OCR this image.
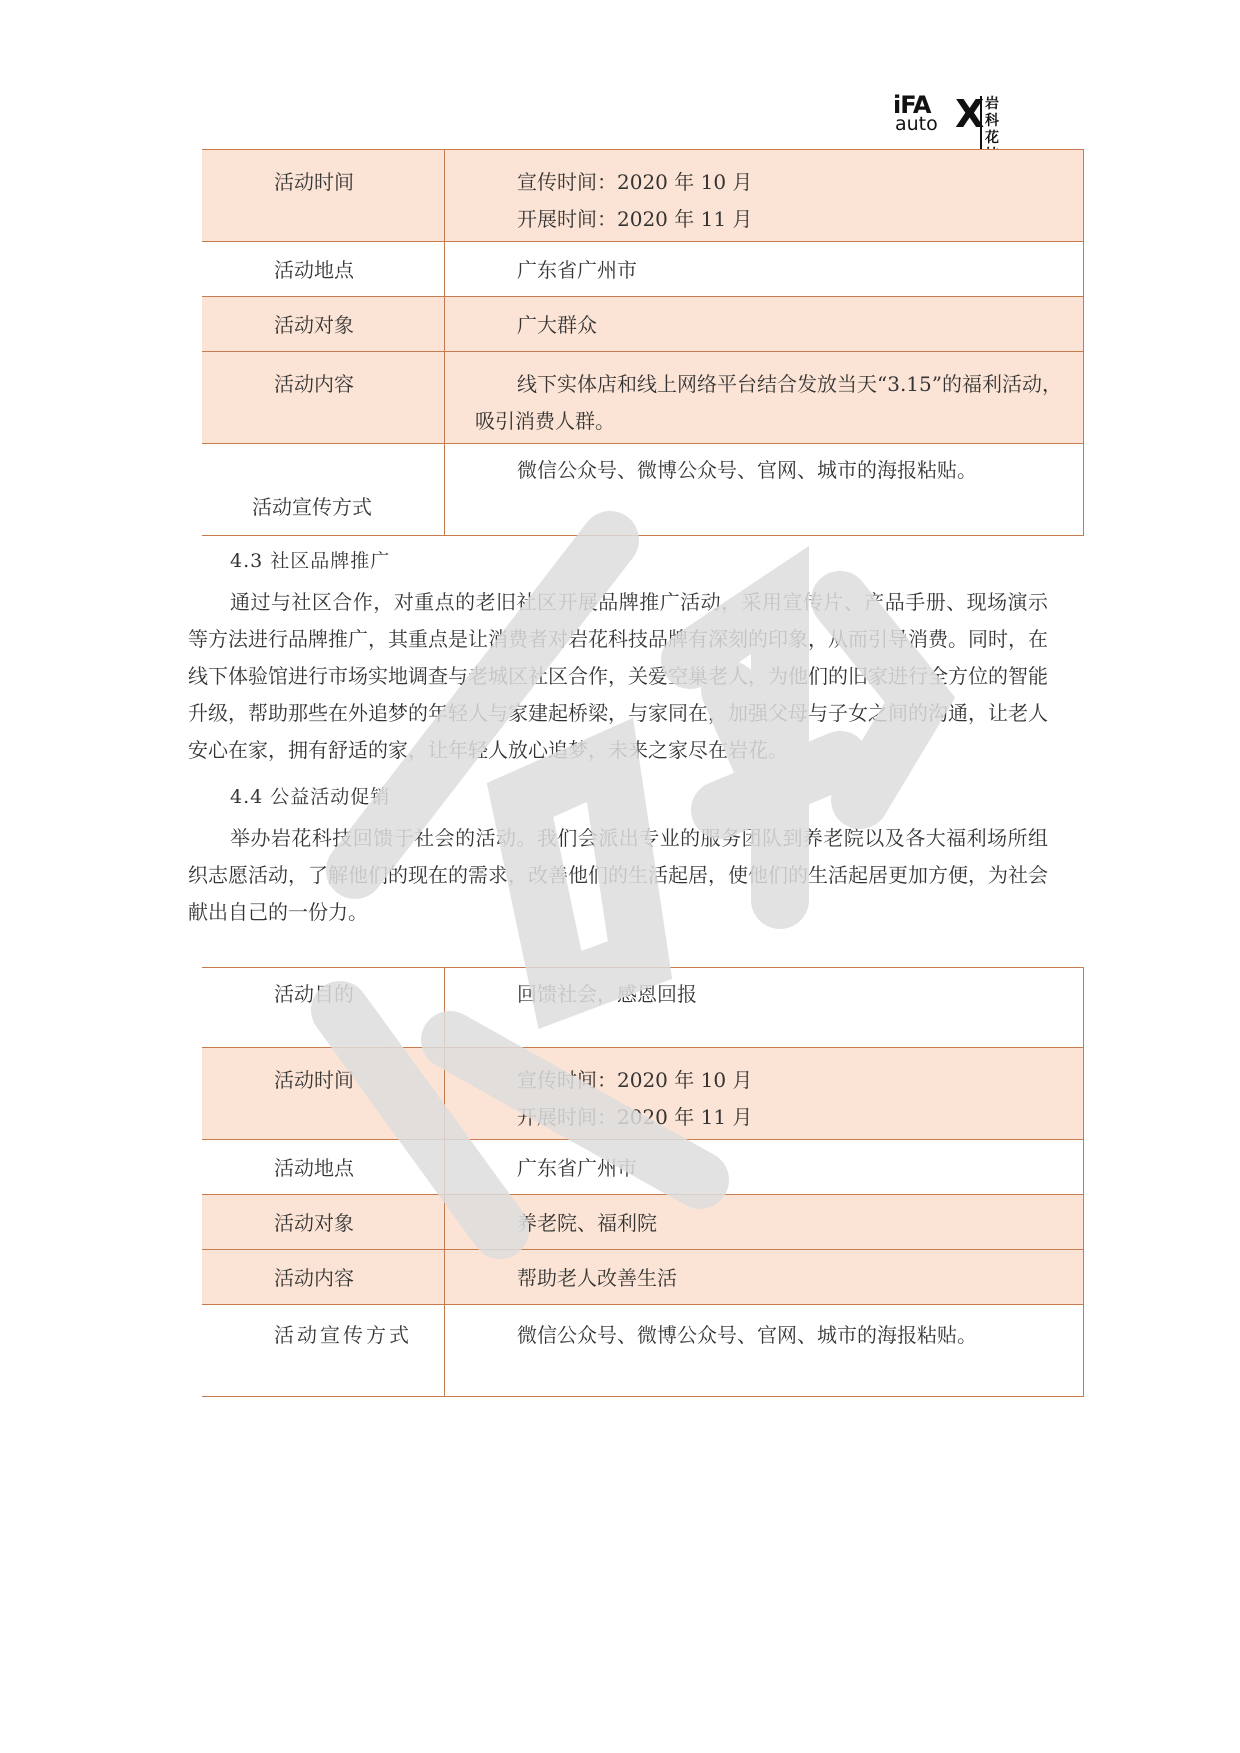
iFA X
auto
岩科
花
活动时间	宣传时间：2020 年 10 月
开展时间：2020 年 11 月

活动地点	广东省广州市

活动对象	广大群众

活动内容	线下实体店和线上网络平台结合发放当天“3.15”的福利活动，吸引消费人群。

活动宣传方式	微信公众号、微博公众号、官网、城市的海报粘贴。

4.3 社区品牌推广

通过与社区合作，对重点的老旧社区开展品牌推广活动，采用宣传片、产品手册、现场演示等方法进行品牌推广，其重点是让消费者对岩花科技品牌有深刻的印象，从而引导消费。同时，在线下体验馆进行市场实地调查与老城区社区合作，关爱空巢老人，为他们的旧家进行全方位的智能升级，帮助那些在外追梦的年轻人与家建起桥梁，与家同在，加强父母与子女之间的沟通，让老人安心在家，拥有舒适的家，让年轻人放心追梦，未来之家尽在岩花。

4.4 公益活动促销

举办岩花科技回馈于社会的活动。我们会派出专业的服务团队到养老院以及各大福利场所组织志愿活动，了解他们的现在的需求，改善他们的生活起居，使他们的生活起居更加方便，为社会献出自己的一份力。

活动目的	回馈社会，感恩回报

活动时间	宣传时间：2020 年 10 月
开展时间：2020 年 11 月

活动地点	广东省广州市

活动对象	养老院、福利院

活动内容	帮助老人改善生活

活动宣传方式	微信公众号、微博公众号、官网、城市的海报粘贴。
